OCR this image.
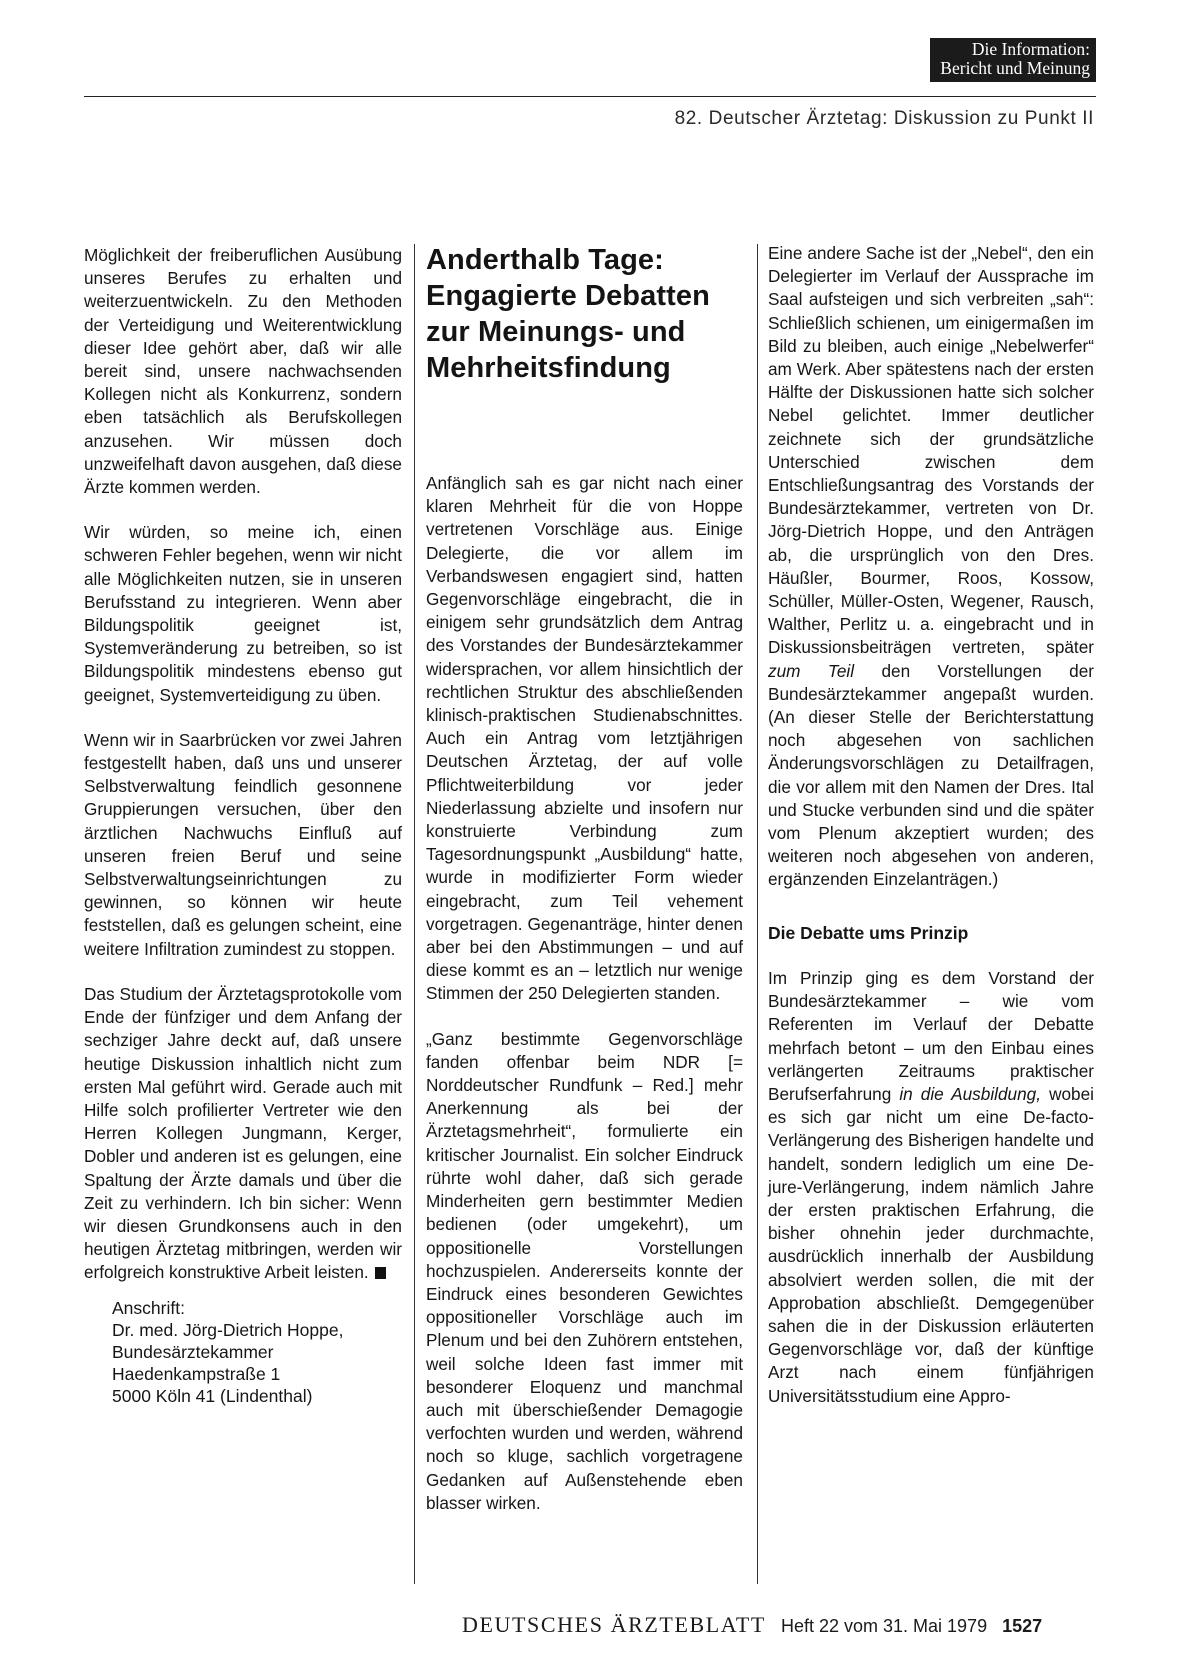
Die Information:
Bericht und Meinung
82. Deutscher Ärztetag: Diskussion zu Punkt II

Möglichkeit der freiberuflichen Ausübung unseres Berufes zu erhalten und weiterzuentwickeln. Zu den Methoden der Verteidigung und Weiterentwicklung dieser Idee gehört aber, daß wir alle bereit sind, unsere nachwachsenden Kollegen nicht als Konkurrenz, sondern eben tatsächlich als Berufskollegen anzusehen. Wir müssen doch unzweifelhaft davon ausgehen, daß diese Ärzte kommen werden.

Wir würden, so meine ich, einen schweren Fehler begehen, wenn wir nicht alle Möglichkeiten nutzen, sie in unseren Berufsstand zu integrieren. Wenn aber Bildungspolitik geeignet ist, Systemveränderung zu betreiben, so ist Bildungspolitik mindestens ebenso gut geeignet, Systemverteidigung zu üben.

Wenn wir in Saarbrücken vor zwei Jahren festgestellt haben, daß uns und unserer Selbstverwaltung feindlich gesonnene Gruppierungen versuchen, über den ärztlichen Nachwuchs Einfluß auf unseren freien Beruf und seine Selbstverwaltungseinrichtungen zu gewinnen, so können wir heute feststellen, daß es gelungen scheint, eine weitere Infiltration zumindest zu stoppen.

Das Studium der Ärztetagsprotokolle vom Ende der fünfziger und dem Anfang der sechziger Jahre deckt auf, daß unsere heutige Diskussion inhaltlich nicht zum ersten Mal geführt wird. Gerade auch mit Hilfe solch profilierter Vertreter wie den Herren Kollegen Jungmann, Kerger, Dobler und anderen ist es gelungen, eine Spaltung der Ärzte damals und über die Zeit zu verhindern. Ich bin sicher: Wenn wir diesen Grundkonsens auch in den heutigen Ärztetag mitbringen, werden wir erfolgreich konstruktive Arbeit leisten.

Anschrift:
Dr. med. Jörg-Dietrich Hoppe,
Bundesärztekammer
Haedenkampstraße 1
5000 Köln 41 (Lindenthal)
Anderthalb Tage: Engagierte Debatten zur Meinungs- und Mehrheitsfindung

Anfänglich sah es gar nicht nach einer klaren Mehrheit für die von Hoppe vertretenen Vorschläge aus. Einige Delegierte, die vor allem im Verbandswesen engagiert sind, hatten Gegenvorschläge eingebracht, die in einigem sehr grundsätzlich dem Antrag des Vorstandes der Bundesärztekammer widersprachen, vor allem hinsichtlich der rechtlichen Struktur des abschließenden klinisch-praktischen Studienabschnittes. Auch ein Antrag vom letztjährigen Deutschen Ärztetag, der auf volle Pflichtweiterbildung vor jeder Niederlassung abzielte und insofern nur konstruierte Verbindung zum Tagesordnungspunkt „Ausbildung“ hatte, wurde in modifizierter Form wieder eingebracht, zum Teil vehement vorgetragen. Gegenanträge, hinter denen aber bei den Abstimmungen – und auf diese kommt es an – letztlich nur wenige Stimmen der 250 Delegierten standen.

„Ganz bestimmte Gegenvorschläge fanden offenbar beim NDR [= Norddeutscher Rundfunk – Red.] mehr Anerkennung als bei der Ärztetagsmehrheit“, formulierte ein kritischer Journalist. Ein solcher Eindruck rührte wohl daher, daß sich gerade Minderheiten gern bestimmter Medien bedienen (oder umgekehrt), um oppositionelle Vorstellungen hochzuspielen. Andererseits konnte der Eindruck eines besonderen Gewichtes oppositioneller Vorschläge auch im Plenum und bei den Zuhörern entstehen, weil solche Ideen fast immer mit besonderer Eloquenz und manchmal auch mit überschießender Demagogie verfochten wurden und werden, während noch so kluge, sachlich vorgetragene Gedanken auf Außenstehende eben blasser wirken.

Eine andere Sache ist der „Nebel“, den ein Delegierter im Verlauf der Aussprache im Saal aufsteigen und sich verbreiten „sah“: Schließlich schienen, um einigermaßen im Bild zu bleiben, auch einige „Nebelwerfer“ am Werk. Aber spätestens nach der ersten Hälfte der Diskussionen hatte sich solcher Nebel gelichtet. Immer deutlicher zeichnete sich der grundsätzliche Unterschied zwischen dem Entschließungsantrag des Vorstands der Bundesärztekammer, vertreten von Dr. Jörg-Dietrich Hoppe, und den Anträgen ab, die ursprünglich von den Dres. Häußler, Bourmer, Roos, Kossow, Schüller, Müller-Osten, Wegener, Rausch, Walther, Perlitz u. a. eingebracht und in Diskussionsbeiträgen vertreten, später zum Teil den Vorstellungen der Bundesärztekammer angepaßt wurden. (An dieser Stelle der Berichterstattung noch abgesehen von sachlichen Änderungsvorschlägen zu Detailfragen, die vor allem mit den Namen der Dres. Ital und Stucke verbunden sind und die später vom Plenum akzeptiert wurden; des weiteren noch abgesehen von anderen, ergänzenden Einzelanträgen.)

Die Debatte ums Prinzip

Im Prinzip ging es dem Vorstand der Bundesärztekammer – wie vom Referenten im Verlauf der Debatte mehrfach betont – um den Einbau eines verlängerten Zeitraums praktischer Berufserfahrung in die Ausbildung, wobei es sich gar nicht um eine De-facto-Verlängerung des Bisherigen handelte und handelt, sondern lediglich um eine De-jure-Verlängerung, indem nämlich Jahre der ersten praktischen Erfahrung, die bisher ohnehin jeder durchmachte, ausdrücklich innerhalb der Ausbildung absolviert werden sollen, die mit der Approbation abschließt. Demgegenüber sahen die in der Diskussion erläuterten Gegenvorschläge vor, daß der künftige Arzt nach einem fünfjährigen Universitätsstudium eine Appro-

DEUTSCHES ÄRZTEBLATT Heft 22 vom 31. Mai 1979 1527
